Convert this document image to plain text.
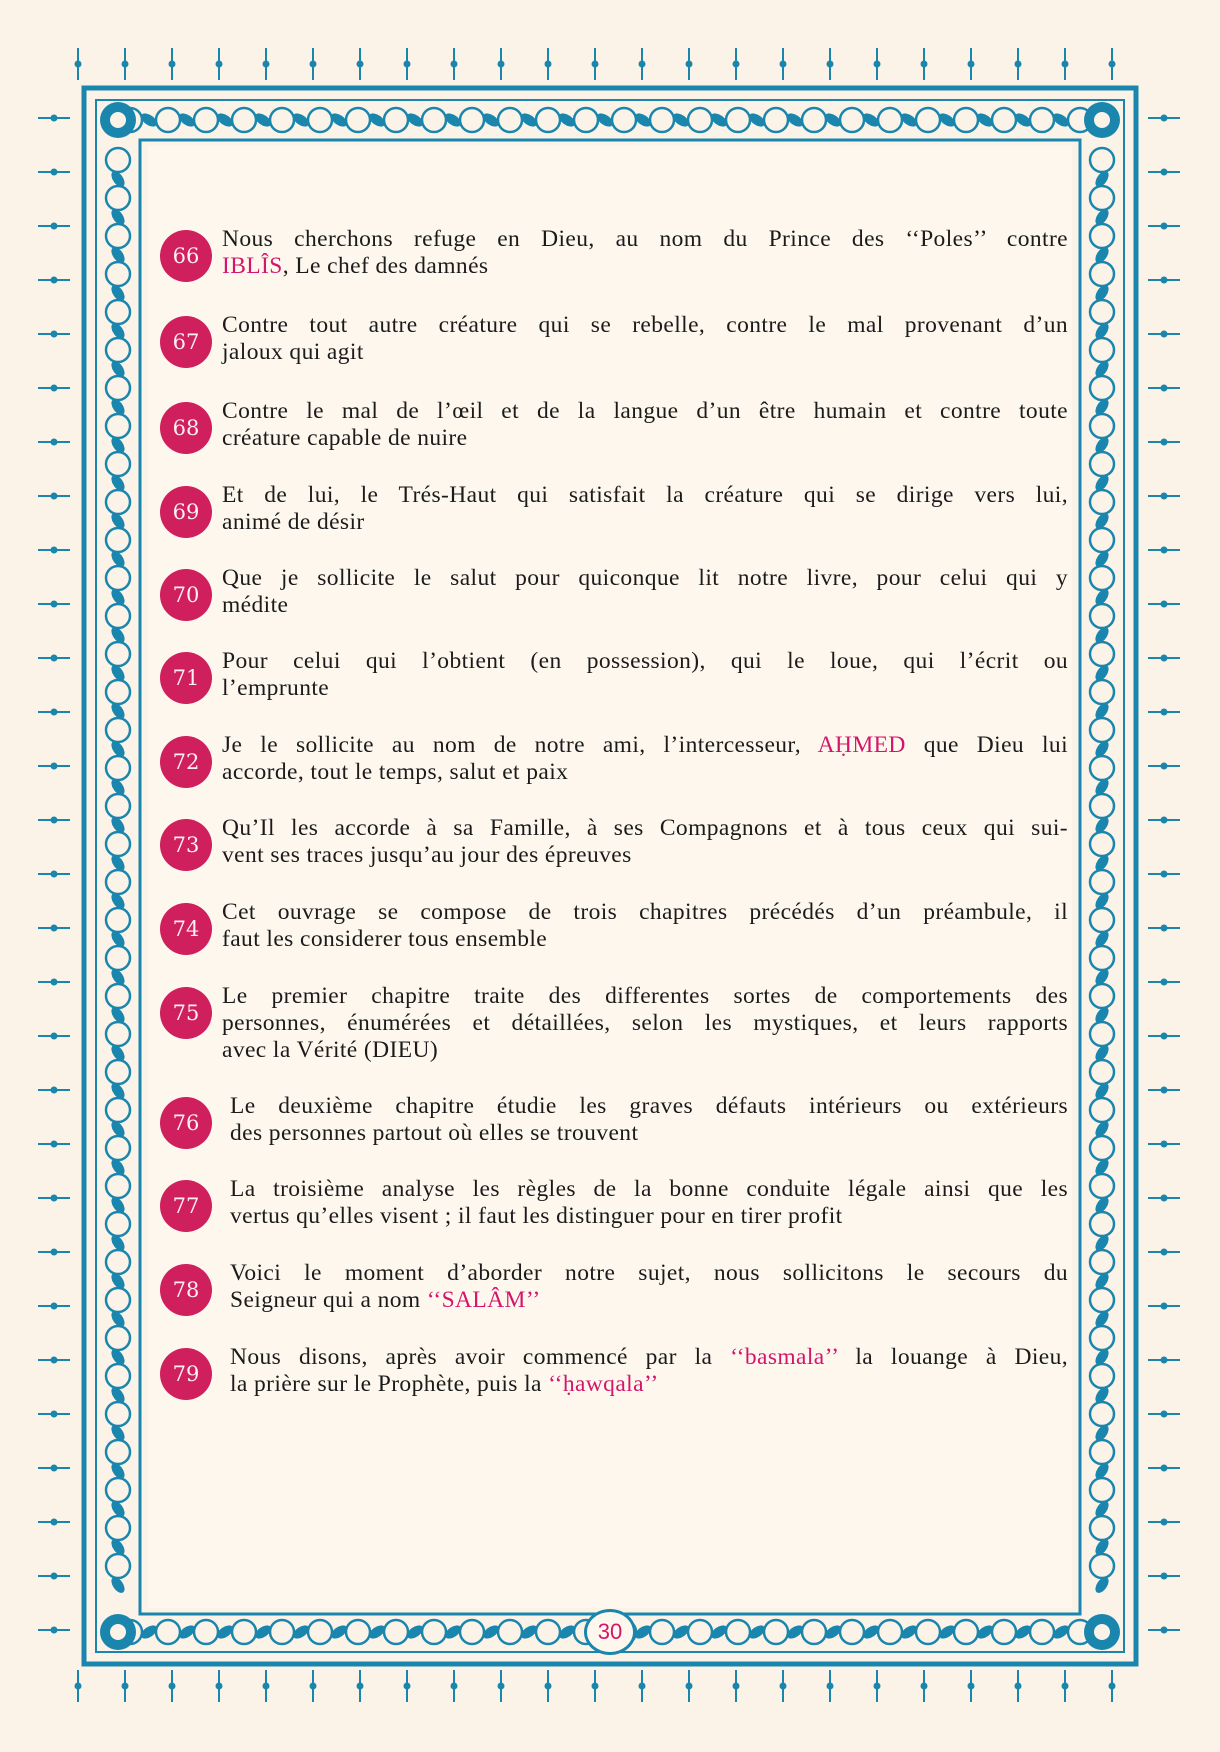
66
Nous cherchons refuge en Dieu, au nom du Prince des ‘‘Poles’’ contre
IBLÎS, Le chef des damnés
67
Contre tout autre créature qui se rebelle, contre le mal provenant d’un
jaloux qui agit
68
Contre le mal de l’œil et de la langue d’un être humain et contre toute
créature capable de nuire
69
Et de lui, le Trés-Haut qui satisfait la créature qui se dirige vers lui,
animé de désir
70
Que je sollicite le salut pour quiconque lit notre livre, pour celui qui y
médite
71
Pour celui qui l’obtient (en possession), qui le loue, qui l’écrit ou
l’emprunte
72
Je le sollicite au nom de notre ami, l’intercesseur, AḤMED que Dieu lui
accorde, tout le temps, salut et paix
73
Qu’Il les accorde à sa Famille, à ses Compagnons et à tous ceux qui sui-
vent ses traces jusqu’au jour des épreuves
74
Cet ouvrage se compose de trois chapitres précédés d’un préambule, il
faut les considerer tous ensemble
75
Le premier chapitre traite des differentes sortes de comportements des
personnes, énumérées et détaillées, selon les mystiques, et leurs rapports
avec la Vérité (DIEU)
76
Le deuxième chapitre étudie les graves défauts intérieurs ou extérieurs
des personnes partout où elles se trouvent
77
La troisième analyse les règles de la bonne conduite légale ainsi que les
vertus qu’elles visent ; il faut les distinguer pour en tirer profit
78
Voici le moment d’aborder notre sujet, nous sollicitons le secours du
Seigneur qui a nom ‘‘SALÂM’’
79
Nous disons, après avoir commencé par la ‘‘basmala’’ la louange à Dieu,
la prière sur le Prophète, puis la ‘‘ḥawqala’’
30
